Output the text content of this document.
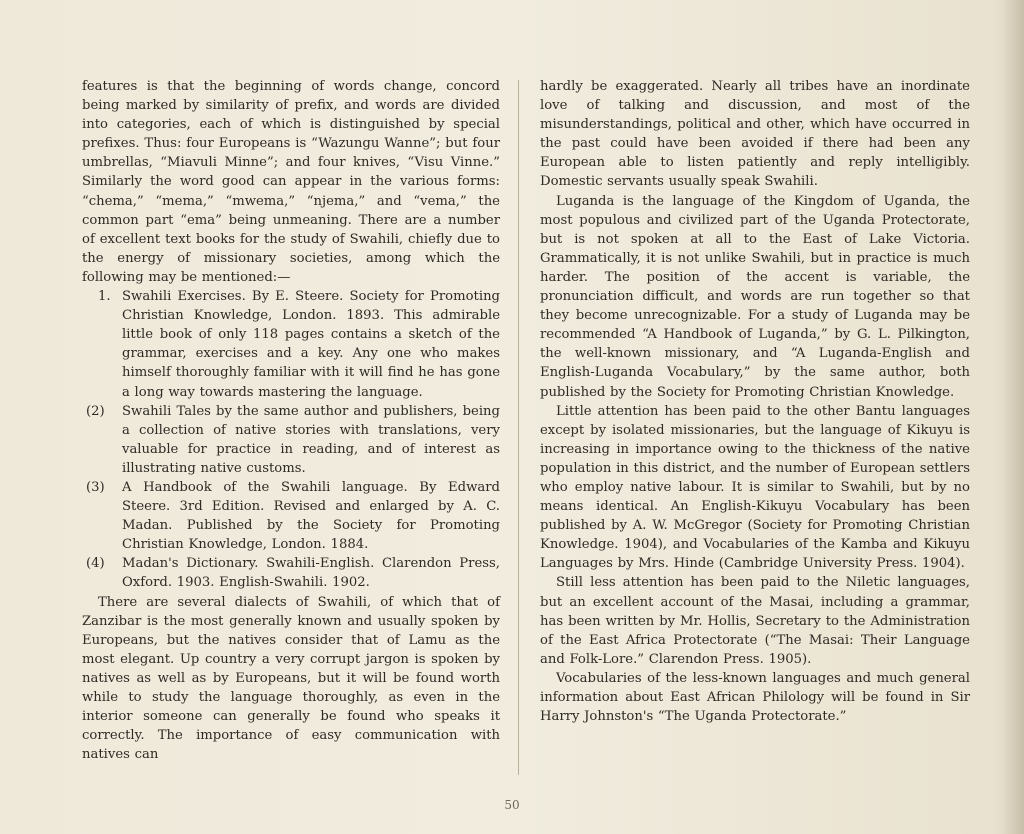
features is that the beginning of words change, concord being marked by similarity of prefix, and words are divided into categories, each of which is distinguished by special prefixes. Thus: four Europeans is “Wazungu Wanne”; but four umbrellas, “Miavuli Minne”; and four knives, “Visu Vinne.” Similarly the word good can appear in the various forms: “chema,” “mema,” “mwema,” “njema,” and “vema,” the common part “ema” being unmeaning. There are a number of excellent text books for the study of Swahili, chiefly due to the energy of missionary societies, among which the following may be mentioned:—

1. Swahili Exercises. By E. Steere. Society for Promoting Christian Knowledge, London. 1893. This admirable little book of only 118 pages contains a sketch of the grammar, exercises and a key. Any one who makes himself thoroughly familiar with it will find he has gone a long way towards mastering the language.
(2)	Swahili Tales by the same author and publishers, being a collection of native stories with translations, very valuable for practice in reading, and of interest as illustrating native customs.
(3)	A Handbook of the Swahili language. By Edward Steere. 3rd Edition. Revised and enlarged by A. C. Madan. Published by the Society for Promoting Christian Knowledge, London. 1884.
(4)	Madan's Dictionary. Swahili-English. Clarendon Press, Oxford. 1903. English-Swahili. 1902.

There are several dialects of Swahili, of which that of Zanzibar is the most generally known and usually spoken by Europeans, but the natives consider that of Lamu as the most elegant. Up country a very corrupt jargon is spoken by natives as well as by Europeans, but it will be found worth while to study the language thoroughly, as even in the interior someone can generally be found who speaks it correctly. The importance of easy communication with natives can

hardly be exaggerated. Nearly all tribes have an inordinate love of talking and discussion, and most of the misunderstandings, political and other, which have occurred in the past could have been avoided if there had been any European able to listen patiently and reply intelligibly. Domestic servants usually speak Swahili.

Luganda is the language of the Kingdom of Uganda, the most populous and civilized part of the Uganda Protectorate, but is not spoken at all to the East of Lake Victoria. Grammatically, it is not unlike Swahili, but in practice is much harder. The position of the accent is variable, the pronunciation difficult, and words are run together so that they become unrecognizable. For a study of Luganda may be recommended “A Handbook of Luganda,” by G. L. Pilkington, the well-known missionary, and “A Luganda-English and English-Luganda Vocabulary,” by the same author, both published by the Society for Promoting Christian Knowledge.

Little attention has been paid to the other Bantu languages except by isolated missionaries, but the language of Kikuyu is increasing in importance owing to the thickness of the native population in this district, and the number of European settlers who employ native labour. It is similar to Swahili, but by no means identical. An English-Kikuyu Vocabulary has been published by A. W. McGregor (Society for Promoting Christian Knowledge. 1904), and Vocabularies of the Kamba and Kikuyu Languages by Mrs. Hinde (Cambridge University Press. 1904).

Still less attention has been paid to the Niletic languages, but an excellent account of the Masai, including a grammar, has been written by Mr. Hollis, Secretary to the Administration of the East Africa Protectorate (“The Masai: Their Language and Folk-Lore.” Clarendon Press. 1905).

Vocabularies of the less-known languages and much general information about East African Philology will be found in Sir Harry Johnston's “The Uganda Protectorate.”

50
